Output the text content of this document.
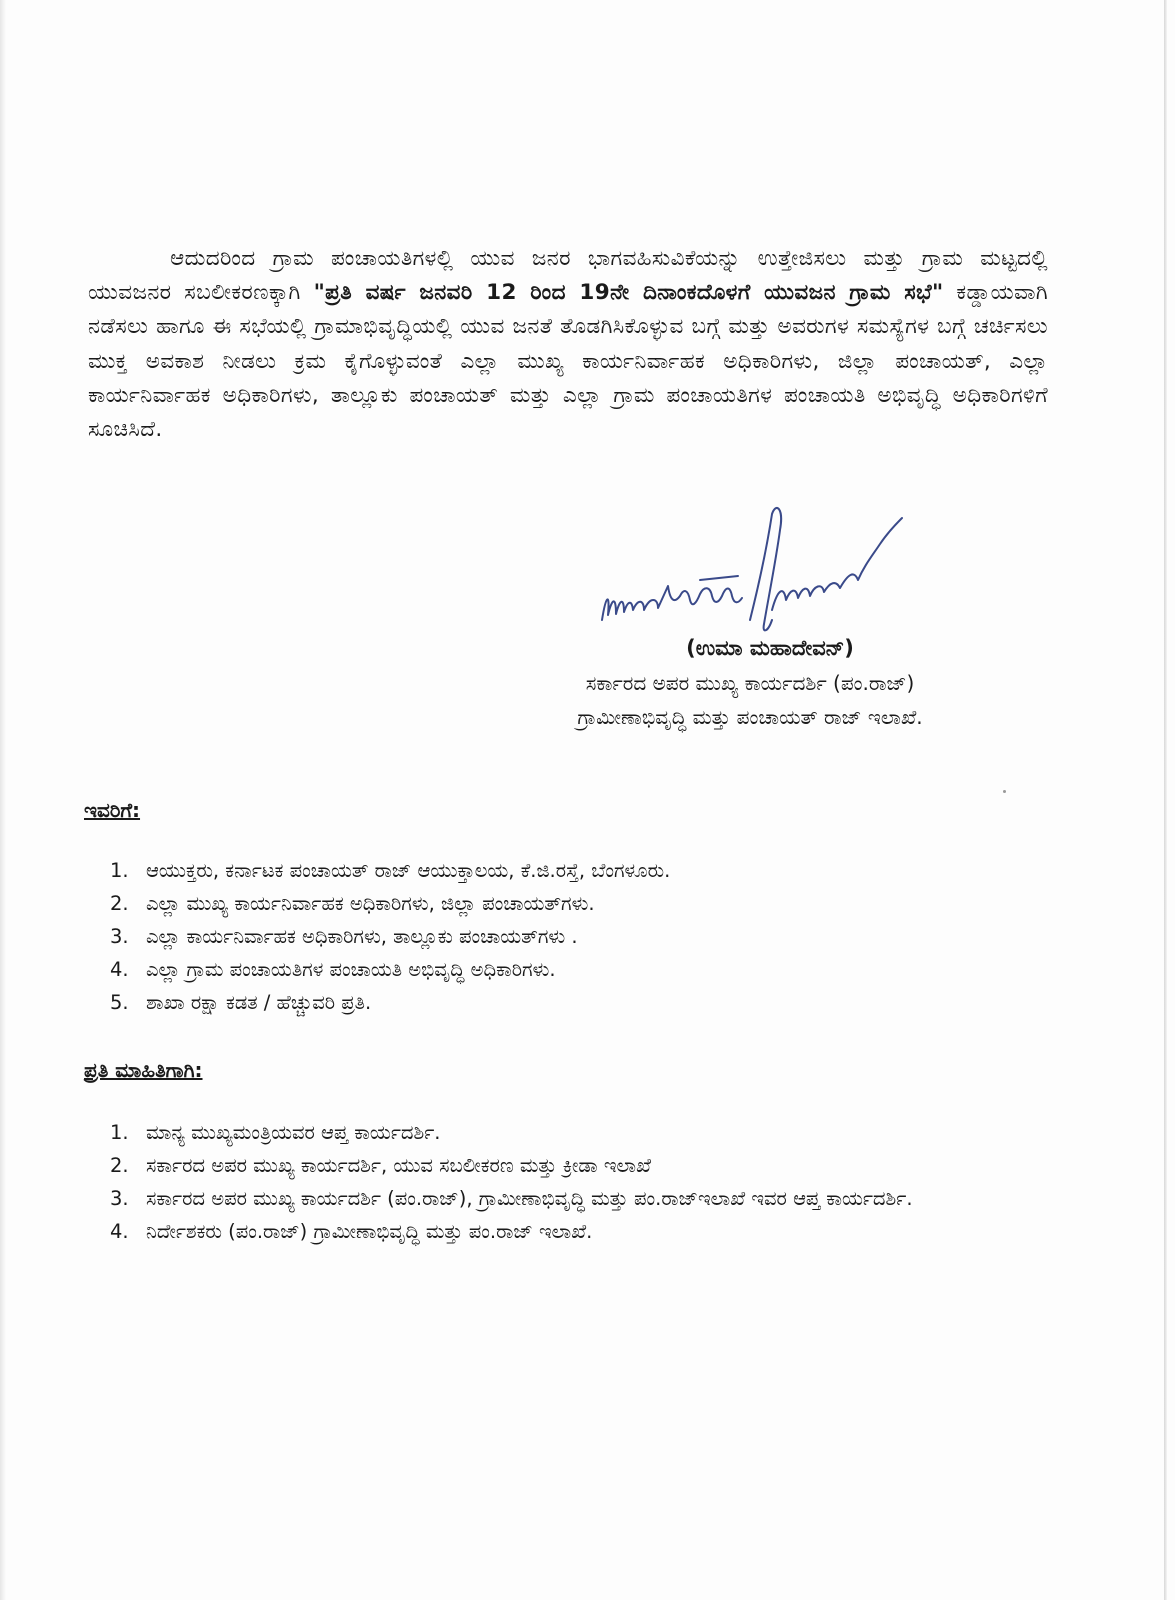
ಆದುದರಿಂದ ಗ್ರಾಮ ಪಂಚಾಯತಿಗಳಲ್ಲಿ ಯುವ ಜನರ ಭಾಗವಹಿಸುವಿಕೆಯನ್ನು ಉತ್ತೇಜಿಸಲು ಮತ್ತು ಗ್ರಾಮ ಮಟ್ಟದಲ್ಲಿ ಯುವಜನರ ಸಬಲೀಕರಣಕ್ಕಾಗಿ "ಪ್ರತಿ ವರ್ಷ ಜನವರಿ 12 ರಿಂದ 19ನೇ ದಿನಾಂಕದೊಳಗೆ ಯುವಜನ ಗ್ರಾಮ ಸಭೆ" ಕಡ್ಡಾಯವಾಗಿ ನಡೆಸಲು ಹಾಗೂ ಈ ಸಭೆಯಲ್ಲಿ ಗ್ರಾಮಾಭಿವೃದ್ಧಿಯಲ್ಲಿ ಯುವ ಜನತೆ ತೊಡಗಿಸಿಕೊಳ್ಳುವ ಬಗ್ಗೆ ಮತ್ತು ಅವರುಗಳ ಸಮಸ್ಯೆಗಳ ಬಗ್ಗೆ ಚರ್ಚಿಸಲು ಮುಕ್ತ ಅವಕಾಶ ನೀಡಲು ಕ್ರಮ ಕೈಗೊಳ್ಳುವಂತೆ ಎಲ್ಲಾ ಮುಖ್ಯ ಕಾರ್ಯನಿರ್ವಾಹಕ ಅಧಿಕಾರಿಗಳು, ಜಿಲ್ಲಾ ಪಂಚಾಯತ್, ಎಲ್ಲಾ ಕಾರ್ಯನಿರ್ವಾಹಕ ಅಧಿಕಾರಿಗಳು, ತಾಲ್ಲೂಕು ಪಂಚಾಯತ್ ಮತ್ತು ಎಲ್ಲಾ ಗ್ರಾಮ ಪಂಚಾಯತಿಗಳ ಪಂಚಾಯತಿ ಅಭಿವೃದ್ಧಿ ಅಧಿಕಾರಿಗಳಿಗೆ ಸೂಚಿಸಿದೆ.

(ಉಮಾ ಮಹಾದೇವನ್)
ಸರ್ಕಾರದ ಅಪರ ಮುಖ್ಯ ಕಾರ್ಯದರ್ಶಿ (ಪಂ.ರಾಜ್)
ಗ್ರಾಮೀಣಾಭಿವೃದ್ಧಿ ಮತ್ತು ಪಂಚಾಯತ್ ರಾಜ್ ಇಲಾಖೆ.
ಇವರಿಗೆ:
1. ಆಯುಕ್ತರು, ಕರ್ನಾಟಕ ಪಂಚಾಯತ್ ರಾಜ್ ಆಯುಕ್ತಾಲಯ, ಕೆ.ಜಿ.ರಸ್ತೆ, ಬೆಂಗಳೂರು.
2. ಎಲ್ಲಾ ಮುಖ್ಯ ಕಾರ್ಯನಿರ್ವಾಹಕ ಅಧಿಕಾರಿಗಳು, ಜಿಲ್ಲಾ ಪಂಚಾಯತ್‌ಗಳು.
3. ಎಲ್ಲಾ ಕಾರ್ಯನಿರ್ವಾಹಕ ಅಧಿಕಾರಿಗಳು, ತಾಲ್ಲೂಕು ಪಂಚಾಯತ್‌ಗಳು .
4. ಎಲ್ಲಾ ಗ್ರಾಮ ಪಂಚಾಯತಿಗಳ ಪಂಚಾಯತಿ ಅಭಿವೃದ್ಧಿ ಅಧಿಕಾರಿಗಳು.
5. ಶಾಖಾ ರಕ್ಷಾ ಕಡತ / ಹೆಚ್ಚುವರಿ ಪ್ರತಿ.
ಪ್ರತಿ ಮಾಹಿತಿಗಾಗಿ:
1. ಮಾನ್ಯ ಮುಖ್ಯಮಂತ್ರಿಯವರ ಆಪ್ತ ಕಾರ್ಯದರ್ಶಿ.
2. ಸರ್ಕಾರದ ಅಪರ ಮುಖ್ಯ ಕಾರ್ಯದರ್ಶಿ, ಯುವ ಸಬಲೀಕರಣ ಮತ್ತು ಕ್ರೀಡಾ ಇಲಾಖೆ
3. ಸರ್ಕಾರದ ಅಪರ ಮುಖ್ಯ ಕಾರ್ಯದರ್ಶಿ (ಪಂ.ರಾಜ್), ಗ್ರಾಮೀಣಾಭಿವೃದ್ಧಿ ಮತ್ತು ಪಂ.ರಾಜ್‌ಇಲಾಖೆ ಇವರ ಆಪ್ತ ಕಾರ್ಯದರ್ಶಿ.
4. ನಿರ್ದೇಶಕರು (ಪಂ.ರಾಜ್) ಗ್ರಾಮೀಣಾಭಿವೃದ್ಧಿ ಮತ್ತು ಪಂ.ರಾಜ್ ಇಲಾಖೆ.
